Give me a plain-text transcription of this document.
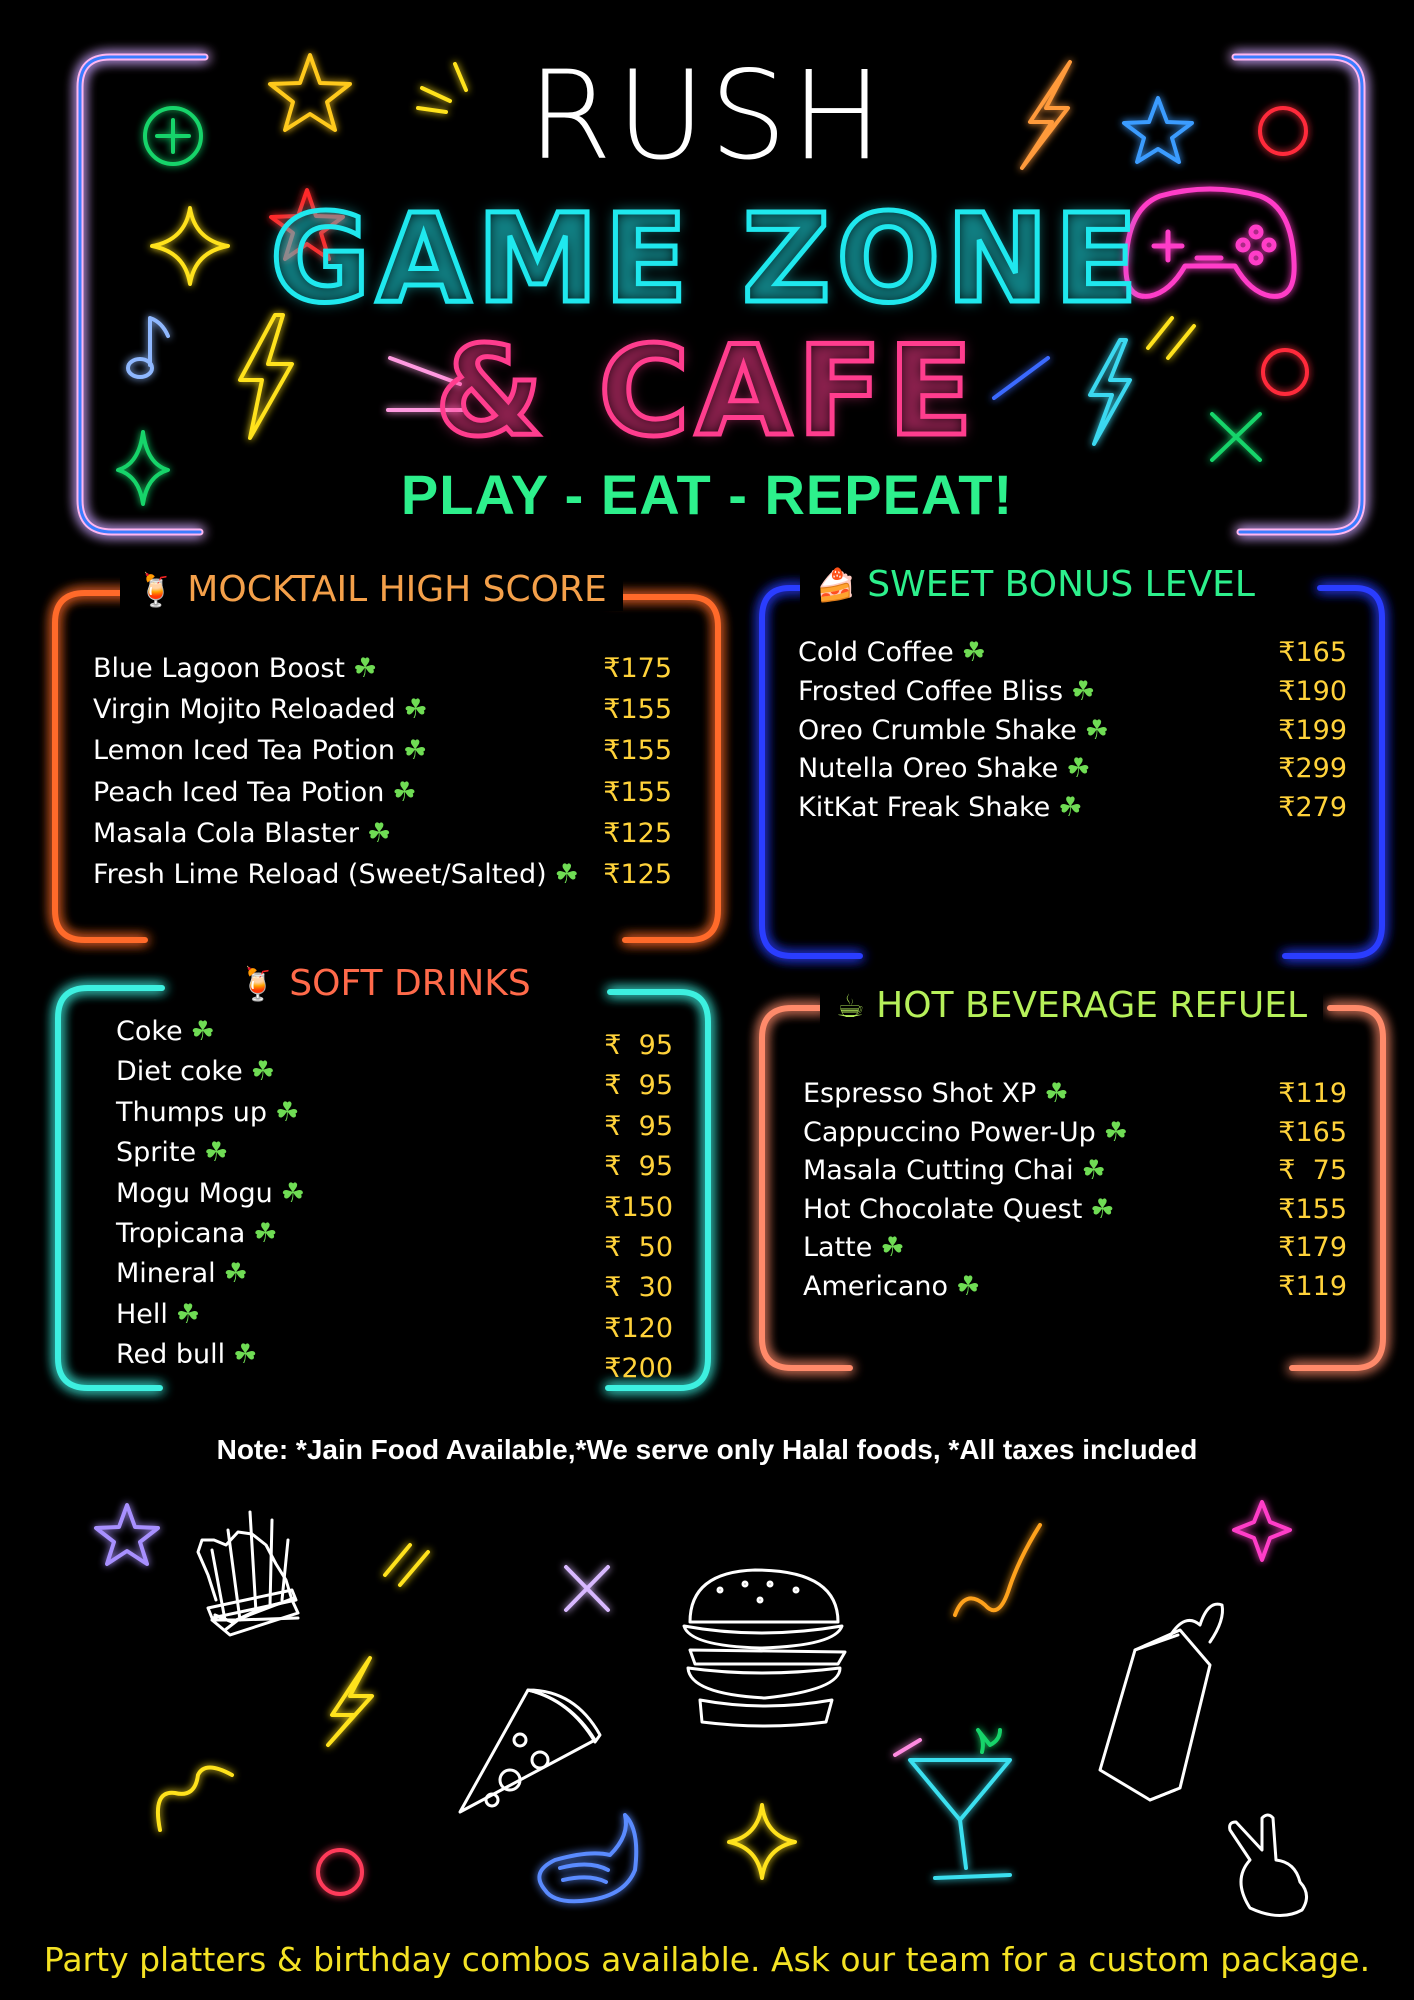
RUSH
GAME ZONE
& CAFE
PLAY - EAT - REPEAT!
🍹 MOCKTAIL HIGH SCORE	🍰 SWEET BONUS LEVEL
🍹 SOFT DRINKS
☕ HOT BEVERAGE REFUEL
Blue Lagoon Boost ☘	₹175
Virgin Mojito Reloaded ☘	₹155
Lemon Iced Tea Potion ☘	₹155
Peach Iced Tea Potion ☘	₹155
Masala Cola Blaster ☘	₹125
Fresh Lime Reload (Sweet/Salted) ☘ ₹125
Cold Coffee ☘	₹165
Frosted Coffee Bliss ☘	₹190
Oreo Crumble Shake ☘	₹199
Nutella Oreo Shake ☘	₹299
KitKat Freak Shake ☘	₹279
Coke ☘	₹  95
Diet coke ☘	₹  95
Thumps up ☘	₹  95
Sprite ☘	₹  95
Mogu Mogu ☘	₹150
Tropicana ☘	₹  50
Mineral ☘	₹  30
Hell ☘	₹120
Red bull ☘	₹200
Espresso Shot XP ☘	₹119
Cappuccino Power-Up ☘	₹165
Masala Cutting Chai ☘	₹  75
Hot Chocolate Quest ☘	₹155
Latte ☘	₹179
Americano ☘	₹119
Note: *Jain Food Available,*We serve only Halal foods, *All taxes included
Party platters & birthday combos available. Ask our team for a custom package.
